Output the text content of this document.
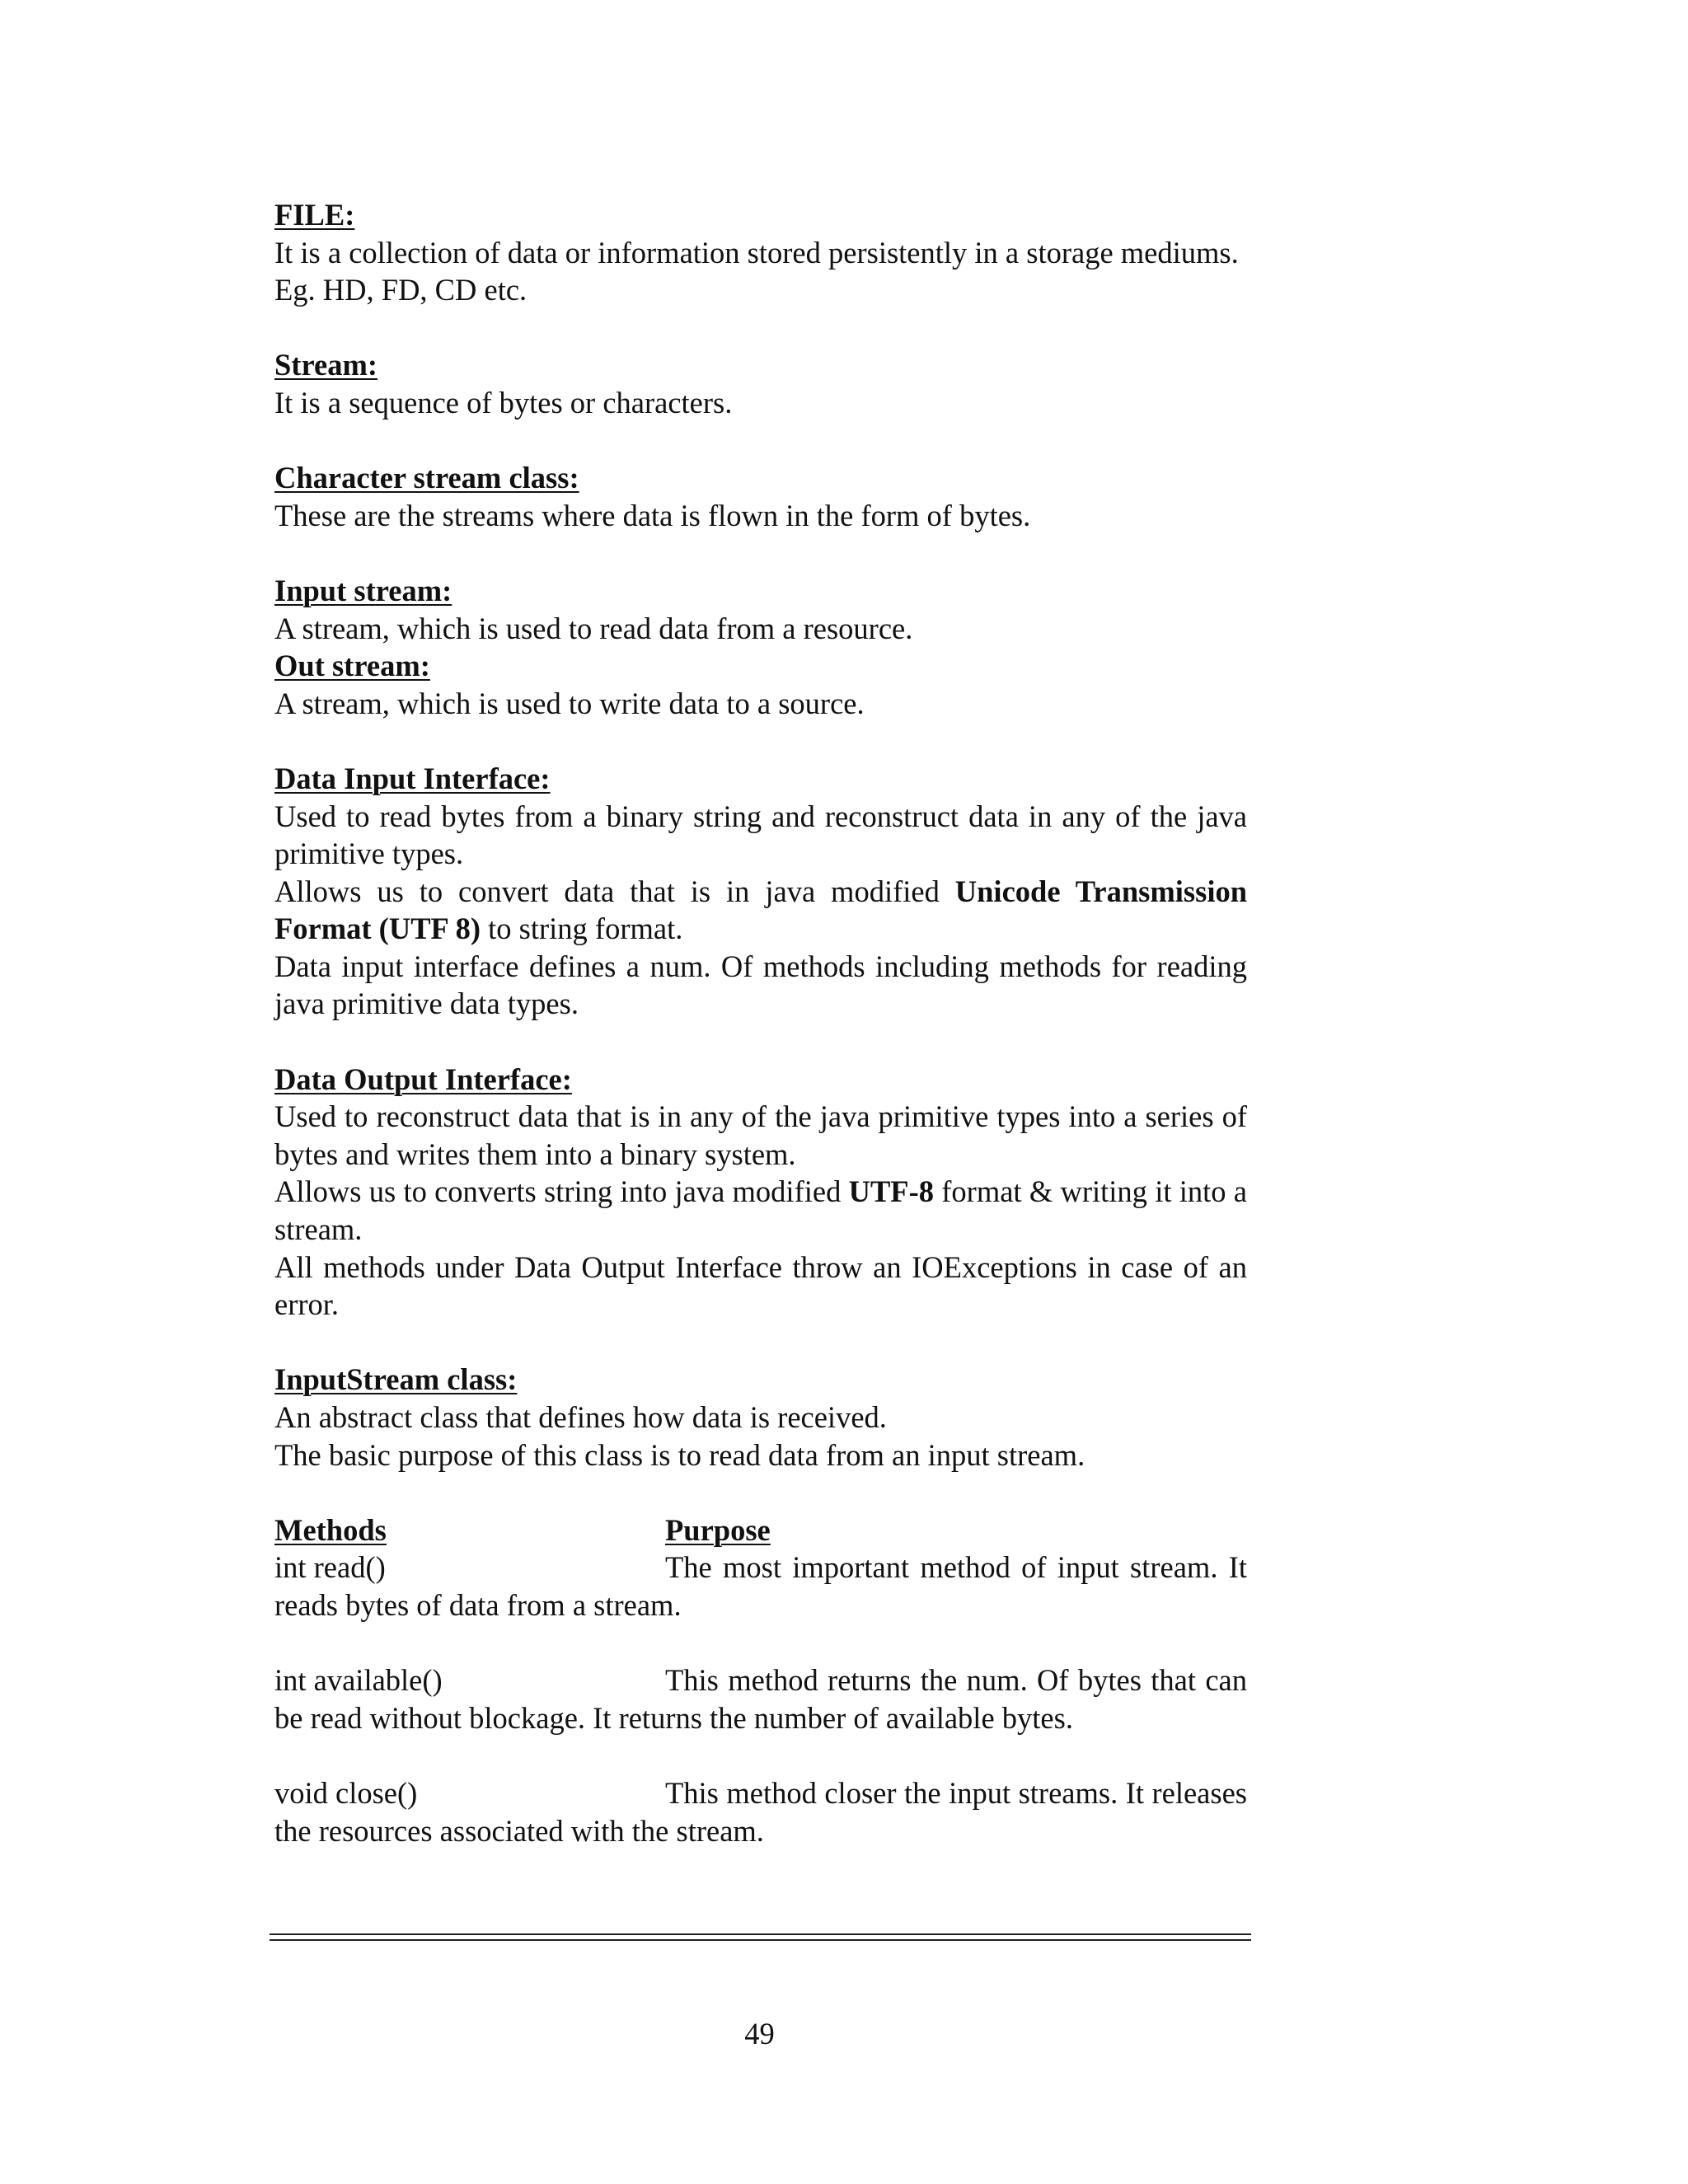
FILE:

It is a collection of data or information stored persistently in a storage mediums.

Eg. HD, FD, CD etc.

Stream:

It is a sequence of bytes or characters.

Character stream class:

These are the streams where data is flown in the form of bytes.

Input stream:

A stream, which is used to read data from a resource.

Out stream:

A stream, which is used to write data to a source.

Data Input Interface:

Used to read bytes from a binary string and reconstruct data in any of the java primitive types.

Allows us to convert data that is in java modified Unicode Transmission Format (UTF 8) to string format.

Data input interface defines a num. Of methods including methods for reading java primitive data types.

Data Output Interface:

Used to reconstruct data that is in any of the java primitive types into a series of bytes and writes them into a binary system.

Allows us to converts string into java modified UTF-8 format & writing it into a stream.

All methods under Data Output Interface throw an IOExceptions in case of an error.

InputStream class:

An abstract class that defines how data is received.

The basic purpose of this class is to read data from an input stream.

Methods	Purpose

int read()	The most important method of input stream. It reads bytes of data from a stream.

int available()	This method returns the num. Of bytes that can be read without blockage. It returns the number of available bytes.

void close()	This method closer the input streams. It releases the resources associated with the stream.

49
